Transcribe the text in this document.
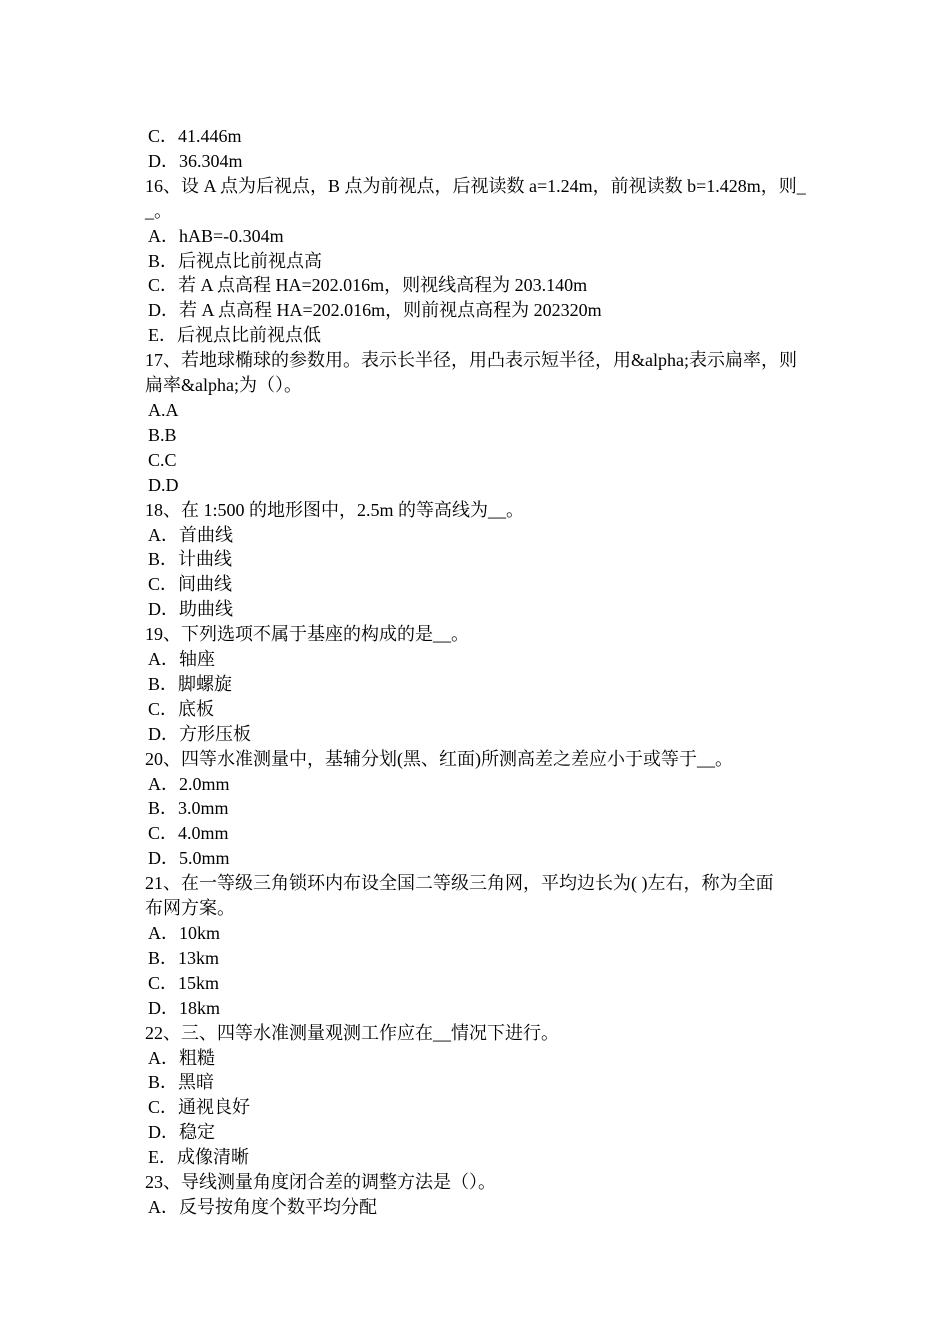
C．41.446m
D．36.304m
16、设 A 点为后视点，B 点为前视点，后视读数 a=1.24m，前视读数 b=1.428m，则_
_。
A．hAB=-0.304m
B．后视点比前视点高
C．若 A 点高程 HA=202.016m，则视线高程为 203.140m
D．若 A 点高程 HA=202.016m，则前视点高程为 202320m
E．后视点比前视点低
17、若地球椭球的参数用。表示长半径，用凸表示短半径，用&alpha;表示扁率，则
扁率&alpha;为（）。
A.A
B.B
C.C
D.D
18、在 1:500 的地形图中，2.5m 的等高线为__。
A．首曲线
B．计曲线
C．间曲线
D．助曲线
19、下列选项不属于基座的构成的是__。
A．轴座
B．脚螺旋
C．底板
D．方形压板
20、四等水准测量中，基辅分划(黑、红面)所测高差之差应小于或等于__。
A．2.0mm
B．3.0mm
C．4.0mm
D．5.0mm
21、在一等级三角锁环内布设全国二等级三角网，平均边长为( )左右，称为全面
布网方案。
A．10km
B．13km
C．15km
D．18km
22、三、四等水准测量观测工作应在__情况下进行。
A．粗糙
B．黑暗
C．通视良好
D．稳定
E．成像清晰
23、导线测量角度闭合差的调整方法是（）。
A．反号按角度个数平均分配
